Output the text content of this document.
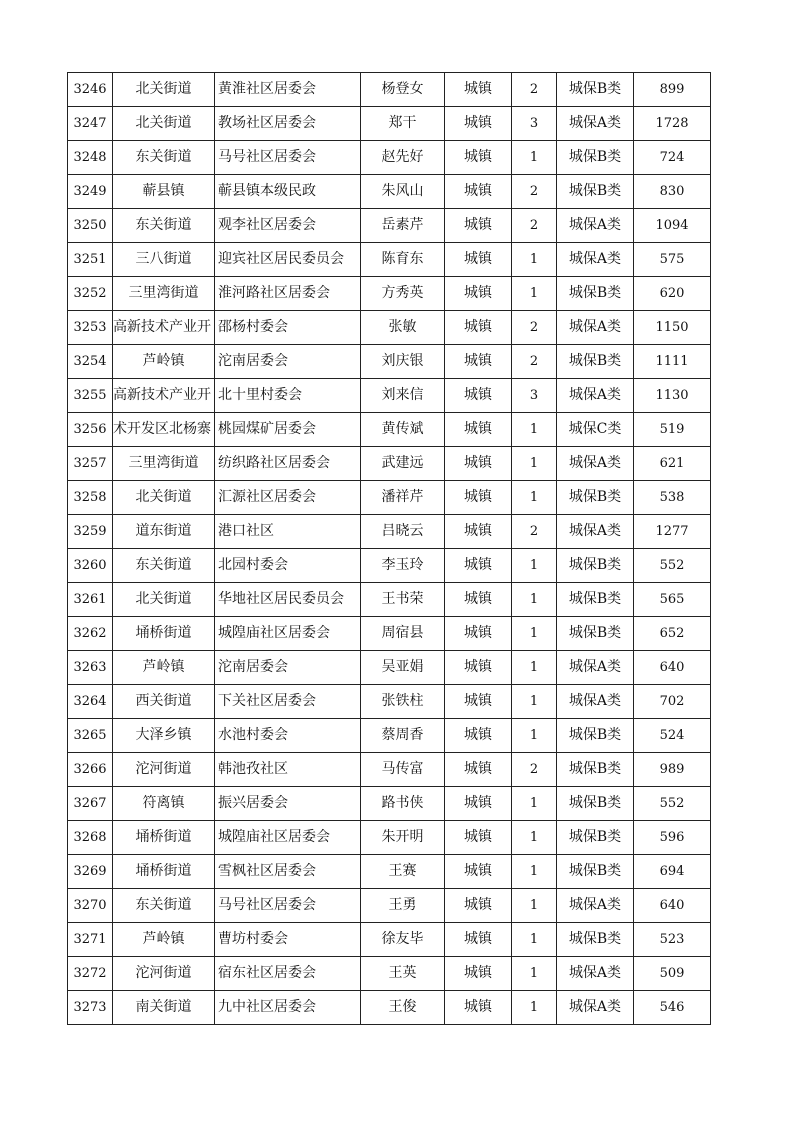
3246	北关街道	黄淮社区居委会	杨登女	城镇	2	城保B类	899
3247	北关街道	教场社区居委会	郑干	城镇	3	城保A类	1728
3248	东关街道	马号社区居委会	赵先好	城镇	1	城保B类	724
3249	蕲县镇	蕲县镇本级民政	朱风山	城镇	2	城保B类	830
3250	东关街道	观李社区居委会	岳素芹	城镇	2	城保A类	1094
3251	三八街道	迎宾社区居民委员会	陈育东	城镇	1	城保A类	575
3252	三里湾街道	淮河路社区居委会	方秀英	城镇	1	城保B类	620
3253	高新技术产业开	邵杨村委会	张敏	城镇	2	城保A类	1150
3254	芦岭镇	沱南居委会	刘庆银	城镇	2	城保B类	1111
3255	高新技术产业开	北十里村委会	刘来信	城镇	3	城保A类	1130
3256	术开发区北杨寨	桃园煤矿居委会	黄传斌	城镇	1	城保C类	519
3257	三里湾街道	纺织路社区居委会	武建远	城镇	1	城保A类	621
3258	北关街道	汇源社区居委会	潘祥芹	城镇	1	城保B类	538
3259	道东街道	港口社区	吕晓云	城镇	2	城保A类	1277
3260	东关街道	北园村委会	李玉玲	城镇	1	城保B类	552
3261	北关街道	华地社区居民委员会	王书荣	城镇	1	城保B类	565
3262	埇桥街道	城隍庙社区居委会	周宿县	城镇	1	城保B类	652
3263	芦岭镇	沱南居委会	吴亚娟	城镇	1	城保A类	640
3264	西关街道	下关社区居委会	张铁柱	城镇	1	城保A类	702
3265	大泽乡镇	水池村委会	蔡周香	城镇	1	城保B类	524
3266	沱河街道	韩池孜社区	马传富	城镇	2	城保B类	989
3267	符离镇	振兴居委会	路书侠	城镇	1	城保B类	552
3268	埇桥街道	城隍庙社区居委会	朱开明	城镇	1	城保B类	596
3269	埇桥街道	雪枫社区居委会	王赛	城镇	1	城保B类	694
3270	东关街道	马号社区居委会	王勇	城镇	1	城保A类	640
3271	芦岭镇	曹坊村委会	徐友毕	城镇	1	城保B类	523
3272	沱河街道	宿东社区居委会	王英	城镇	1	城保A类	509
3273	南关街道	九中社区居委会	王俊	城镇	1	城保A类	546
